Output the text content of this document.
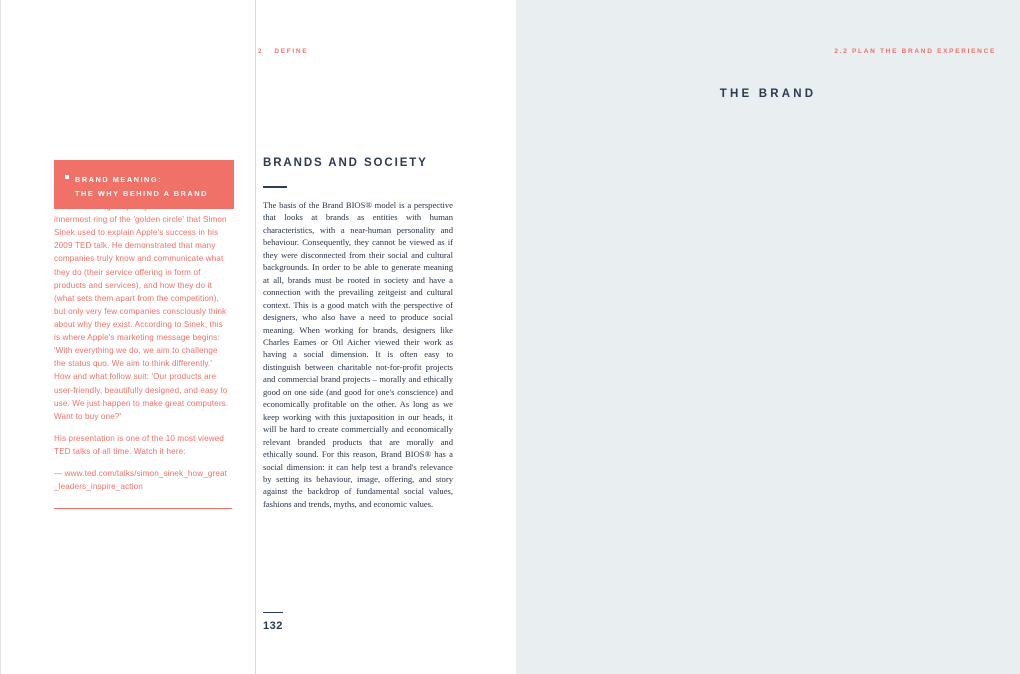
2 DEFINE
BRAND MEANING:
THE WHY BEHIND A BRAND

Brand meaning is synonymous with the innermost ring of the 'golden circle' that Simon Sinek used to explain Apple's success in his 2009 TED talk. He demonstrated that many companies truly know and communicate what they do (their service offering in form of products and services), and how they do it (what sets them apart from the competition), but only very few companies consciously think about why they exist. According to Sinek, this is where Apple's marketing message begins: 'With everything we do, we aim to challenge the status quo. We aim to think differently.' How and what follow suit: 'Our products are user-friendly, beautifully designed, and easy to use. We just happen to make great computers. Want to buy one?'

His presentation is one of the 10 most viewed TED talks of all time. Watch it here:

— www.ted.com/talks/simon_sinek_how_great_leaders_inspire_action

BRANDS AND SOCIETY

The basis of the Brand BIOS® model is a perspective that looks at brands as entities with human characteristics, with a near-human personality and behaviour. Consequently, they cannot be viewed as if they were disconnected from their social and cultural backgrounds. In order to be able to generate meaning at all, brands must be rooted in society and have a connection with the prevailing zeitgeist and cultural context. This is a good match with the perspective of designers, who also have a need to produce social meaning. When working for brands, designers like Charles Eames or Otl Aicher viewed their work as having a social dimension. It is often easy to distinguish between charitable not-for-profit projects and commercial brand projects – morally and ethically good on one side (and good for one's conscience) and economically profitable on the other. As long as we keep working with this juxtaposition in our heads, it will be hard to create commercially and economically relevant branded products that are morally and ethically sound. For this reason, Brand BIOS® has a social dimension: it can help test a brand's relevance by setting its behaviour, image, offering, and story against the backdrop of fundamental social values, fashions and trends, myths, and economic values.

132
2.2 PLAN THE BRAND EXPERIENCE
THE BRAND
